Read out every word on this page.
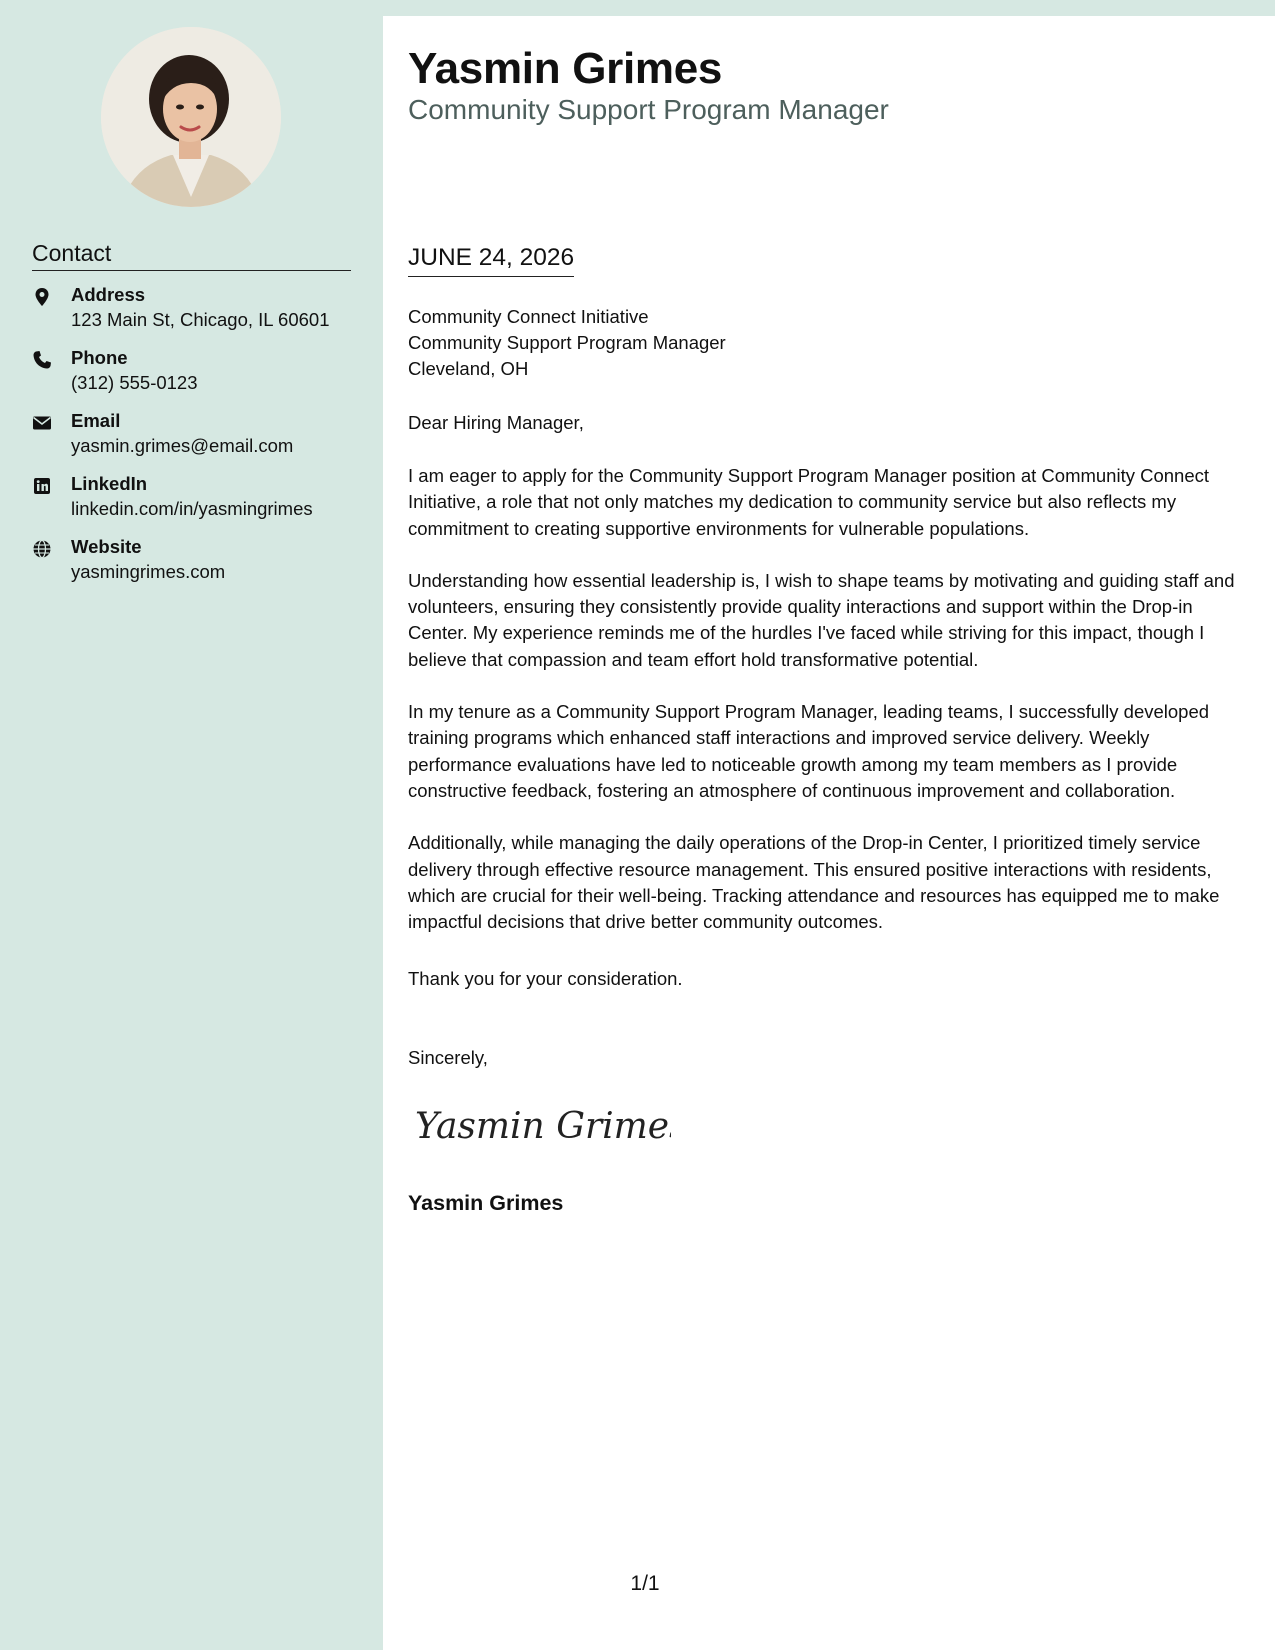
Contact
Address
123 Main St, Chicago, IL 60601
Phone
(312) 555-0123
Email
yasmin.grimes@email.com
LinkedIn
linkedin.com/in/yasmingrimes
Website
yasmingrimes.com
Yasmin Grimes
Community Support Program Manager
JUNE 24, 2026
Community Connect Initiative
Community Support Program Manager
Cleveland, OH
Dear Hiring Manager,

I am eager to apply for the Community Support Program Manager position at Community Connect Initiative, a role that not only matches my dedication to community service but also reflects my commitment to creating supportive environments for vulnerable populations.

Understanding how essential leadership is, I wish to shape teams by motivating and guiding staff and volunteers, ensuring they consistently provide quality interactions and support within the Drop-in Center. My experience reminds me of the hurdles I've faced while striving for this impact, though I believe that compassion and team effort hold transformative potential.

In my tenure as a Community Support Program Manager, leading teams, I successfully developed training programs which enhanced staff interactions and improved service delivery. Weekly performance evaluations have led to noticeable growth among my team members as I provide constructive feedback, fostering an atmosphere of continuous improvement and collaboration.

Additionally, while managing the daily operations of the Drop-in Center, I prioritized timely service delivery through effective resource management. This ensured positive interactions with residents, which are crucial for their well-being. Tracking attendance and resources has equipped me to make impactful decisions that drive better community outcomes.

Thank you for your consideration.
Sincerely,
Yasmin Grimes
Yasmin Grimes
1/1
